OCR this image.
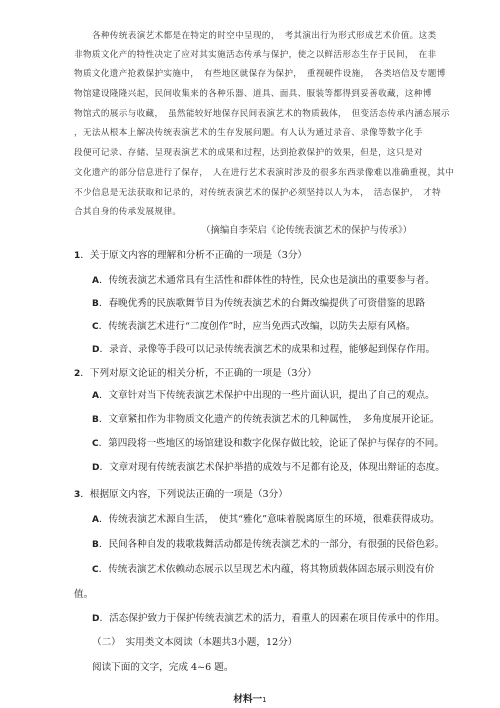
各种传统表演艺术都是在特定的时空中呈现的，　考其演出行为形式形成艺术价值。这类
非物质文化产的特性决定了应对其实施活态传承与保护，使之以鲜活形态生存于民间，　在非
物质文化遗产抢救保护实施中，　有些地区就保存为保护，　重视硬件设施，　各类培信及专题博
物馆建设隆隆兴起，民间收集来的各种乐器、道具、面具、服装等都得到妥善收藏，这种博
物馆式的展示与收藏，　虽然能较好地保存民间表演艺术的物质载体，　但变活态传承内涵态展示
，无法从根本上解决传统表演艺术的生存发展问题。有人认为通过录音、录像等数字化手
段便可记录、存储、呈现表演艺术的成果和过程，达到抢救保护的效果，但是，这只是对
文化遗产的部分信息进行了保存，　人在进行艺术表演时涉及的很多东西录像难以准确重视，其中
不少信息是无法获取和记录的，对传统表演艺术的保护必须坚持以人为本，　活态保护，　才特
合其自身的传承发展规律。
（摘编自李荣启《论传统表演艺术的保护与传承》）
1．关于原文内容的理解和分析不正确的一项是（3分）
A．传统表演艺术通常具有生活性和群体性的特性，民众也是演出的重要参与者。
B．春晚优秀的民族歌舞节目为传统表演艺术的台舞改编提供了可资借鉴的思路
C．传统表演艺术进行“二度创作”时，应当免西式改编，以防失去原有风格。
D．录音、录像等手段可以记录传统表演艺术的成果和过程，能够起到保存作用。
2．下列对原文论证的相关分析，不正确的一项是（3分）
A．文章针对当下传统表演艺术保护中出现的一些片面认识，提出了自己的观点。
B．文章紧扣作为非物质文化遗产的传统表演艺术的几种属性，　多角度展开论证。
C．第四段将一些地区的场馆建设和数字化保存做比较，论证了保护与保存的不同。
D．文章对现有传统表演艺术保护举措的成效与不足都有论及，体现出辩证的态度。
3．根据原文内容，下列说法正确的一项是（3分）
A．传统表演艺术源自生活，　使其“雅化”意味着脱离原生的环境，很难获得成功。
B．民间各种自发的栽歌栽舞活动都是传统表演艺术的一部分，有很强的民俗色彩。
C．传统表演艺术依赖动态展示以呈现艺术内蕴，将其物质载体固态展示则没有价
值。
D．活态保护致力于保护传统表演艺术的活力，看重人的因素在项目传承中的作用。
（二）　实用类文本阅读（本题共3小题，12分）
阅读下面的文字，完成 4~6 题。
材料一1
